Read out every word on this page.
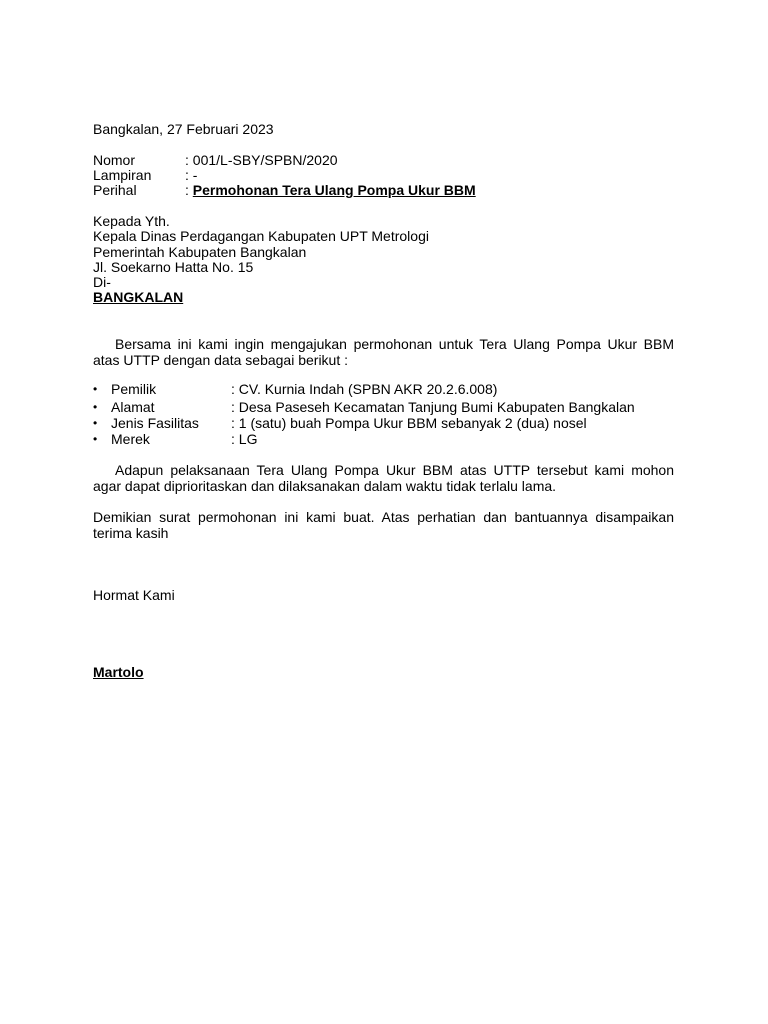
Bangkalan, 27 Februari 2023
Nomor	: 001/L-SBY/SPBN/2020
Lampiran : -
Perihal	: Permohonan Tera Ulang Pompa Ukur BBM
Kepada Yth.
Kepala Dinas Perdagangan Kabupaten UPT Metrologi
Pemerintah Kabupaten Bangkalan
Jl. Soekarno Hatta No. 15
Di-
BANGKALAN
Bersama ini kami ingin mengajukan permohonan untuk Tera Ulang Pompa Ukur BBM
atas UTTP dengan data sebagai berikut :
• Pemilik	: CV. Kurnia Indah (SPBN AKR 20.2.6.008)
• Alamat	: Desa Paseseh Kecamatan Tanjung Bumi Kabupaten Bangkalan
• Jenis Fasilitas : 1 (satu) buah Pompa Ukur BBM sebanyak 2 (dua) nosel
• Merek	: LG
Adapun pelaksanaan Tera Ulang Pompa Ukur BBM atas UTTP tersebut kami mohon
agar dapat diprioritaskan dan dilaksanakan dalam waktu tidak terlalu lama.
Demikian surat permohonan ini kami buat. Atas perhatian dan bantuannya disampaikan
terima kasih
Hormat Kami
Martolo
